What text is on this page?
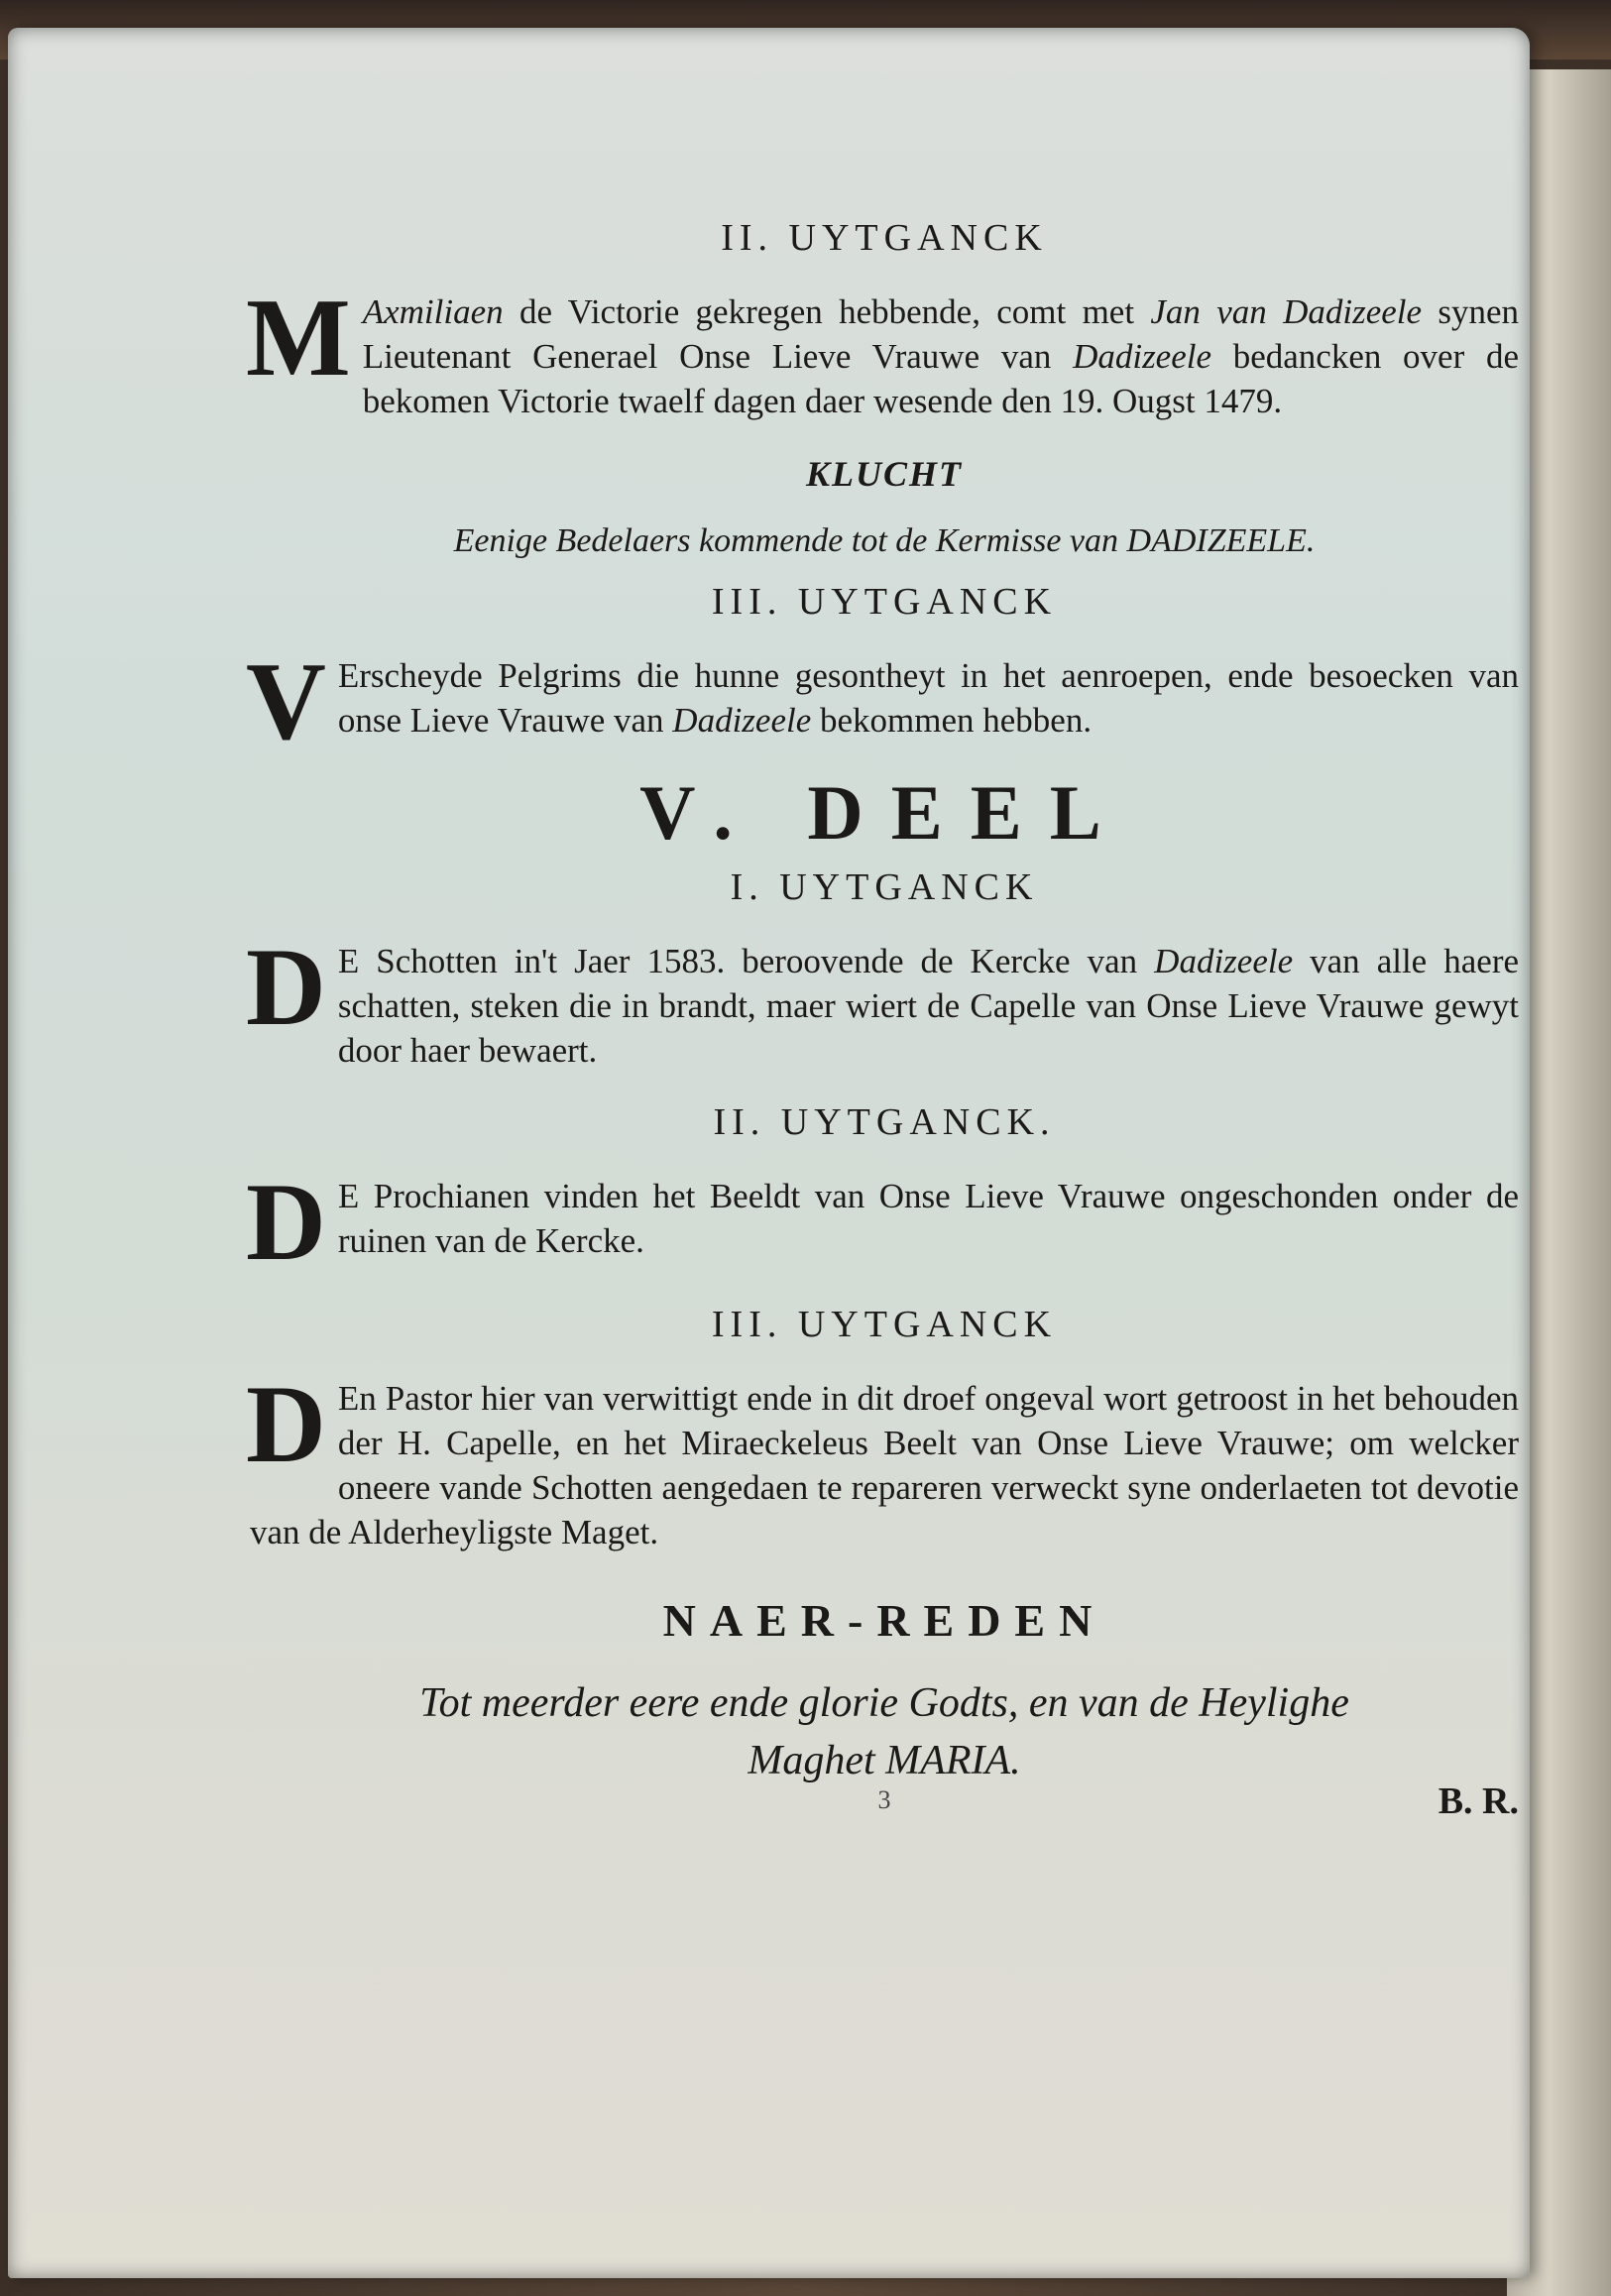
II. UYTGANCK

M Axmiliaen de Victorie gekregen hebbende, comt met Jan van Dadizeele synen Lieutenant Generael Onse Lieve Vrauwe van Dadizeele bedancken over de bekomen Victorie twaelf dagen daer wesende den 19. Ougst 1479.

KLUCHT

Eenige Bedelaers kommende tot de Kermisse van DADIZEELE.

III. UYTGANCK

V Erscheyde Pelgrims die hunne gesontheyt in het aenroepen, ende besoecken van onse Lieve Vrauwe van Dadizeele bekommen hebben.

V. DEEL

I. UYTGANCK

D E Schotten in't Jaer 1583. beroovende de Kercke van Dadizeele van alle haere schatten, steken die in brandt, maer wiert de Capelle van Onse Lieve Vrauwe gewyt door haer bewaert.

II. UYTGANCK.

D E Prochianen vinden het Beeldt van Onse Lieve Vrauwe ongeschonden onder de ruinen van de Kercke.

III. UYTGANCK

D En Pastor hier van verwittigt ende in dit droef ongeval wort getroost in het behouden der H. Capelle, en het Miraeckeleus Beelt van Onse Lieve Vrauwe; om welcker oneere vande Schotten aengedaen te repareren verweckt syne onderlaeten tot devotie van de Alderheyligste Maget.

NAER-REDEN

Tot meerder eere ende glorie Godts, en van de Heylighe

Maghet MARIA.

B. R.

3
